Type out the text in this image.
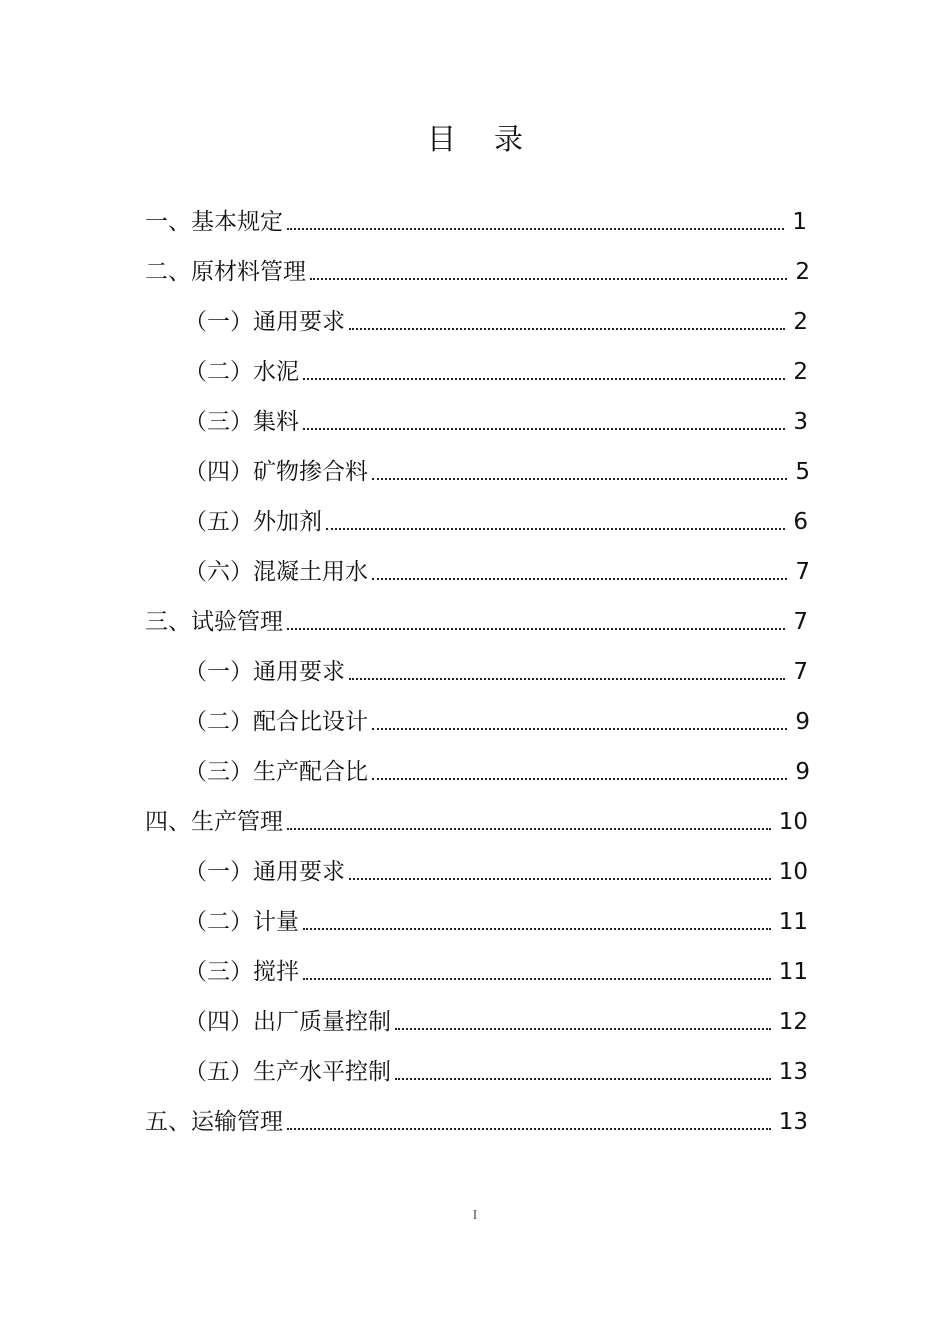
目录
一、基本规定	1
二、原材料管理	2
（一）通用要求	2
（二）水泥	2
（三）集料	3
（四）矿物掺合料	5
（五）外加剂	6
（六）混凝土用水	7
三、试验管理	7
（一）通用要求	7
（二）配合比设计	9
（三）生产配合比	9
四、生产管理	10
（一）通用要求	10
（二）计量	11
（三）搅拌	11
（四）出厂质量控制	12
（五）生产水平控制	13
五、运输管理	13
I
